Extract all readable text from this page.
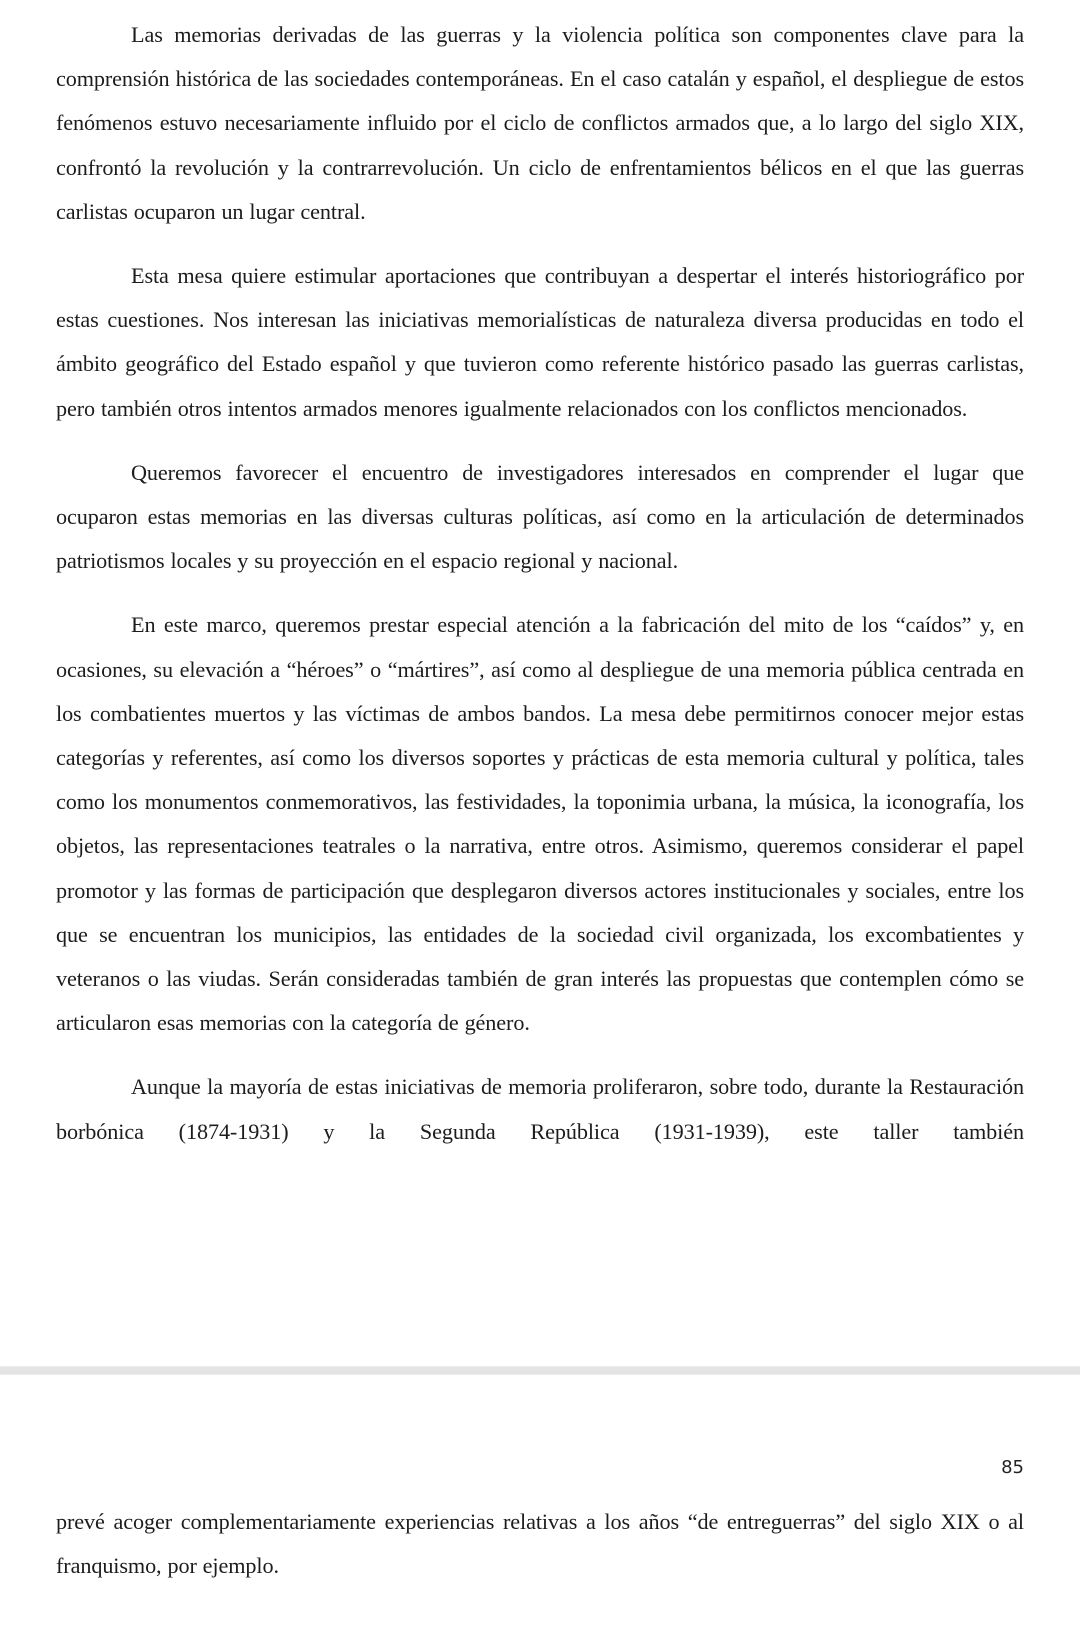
Las memorias derivadas de las guerras y la violencia política son componentes clave para la comprensión histórica de las sociedades contemporáneas. En el caso catalán y español, el despliegue de estos fenómenos estuvo necesariamente influido por el ciclo de conflictos armados que, a lo largo del siglo XIX, confrontó la revolución y la contrarrevolución. Un ciclo de enfrentamientos bélicos en el que las guerras carlistas ocuparon un lugar central.

Esta mesa quiere estimular aportaciones que contribuyan a despertar el interés historiográfico por estas cuestiones. Nos interesan las iniciativas memorialísticas de naturaleza diversa producidas en todo el ámbito geográfico del Estado español y que tuvieron como referente histórico pasado las guerras carlistas, pero también otros intentos armados menores igualmente relacionados con los conflictos mencionados.

Queremos favorecer el encuentro de investigadores interesados en comprender el lugar que ocuparon estas memorias en las diversas culturas políticas, así como en la articulación de determinados patriotismos locales y su proyección en el espacio regional y nacional.

En este marco, queremos prestar especial atención a la fabricación del mito de los “caídos” y, en ocasiones, su elevación a “héroes” o “mártires”, así como al despliegue de una memoria pública centrada en los combatientes muertos y las víctimas de ambos bandos. La mesa debe permitirnos conocer mejor estas categorías y referentes, así como los diversos soportes y prácticas de esta memoria cultural y política, tales como los monumentos conmemorativos, las festividades, la toponimia urbana, la música, la iconografía, los objetos, las representaciones teatrales o la narrativa, entre otros. Asimismo, queremos considerar el papel promotor y las formas de participación que desplegaron diversos actores institucionales y sociales, entre los que se encuentran los municipios, las entidades de la sociedad civil organizada, los excombatientes y veteranos o las viudas. Serán consideradas también de gran interés las propuestas que contemplen cómo se articularon esas memorias con la categoría de género.

Aunque la mayoría de estas iniciativas de memoria proliferaron, sobre todo, durante la Restauración borbónica (1874-1931) y la Segunda República (1931-1939), este taller también

85

prevé acoger complementariamente experiencias relativas a los años “de entreguerras” del siglo XIX o al franquismo, por ejemplo.
